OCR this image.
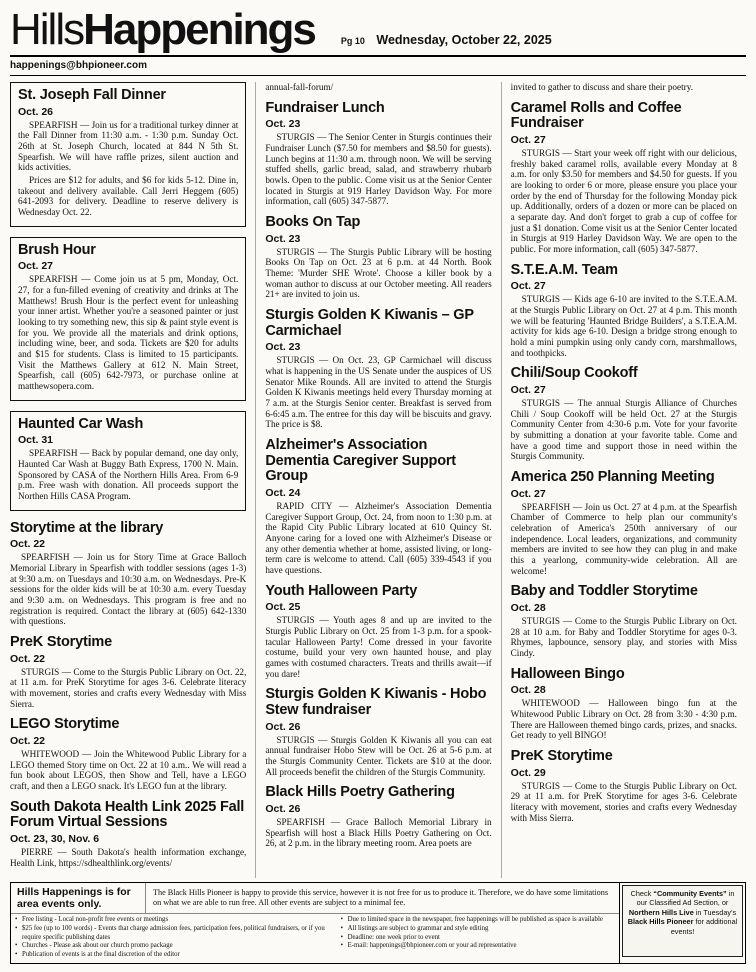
HillsHappenings	Pg 10 Wednesday, October 22, 2025
happenings@bhpioneer.com
St. Joseph Fall Dinner
Oct. 26

SPEARFISH — Join us for a traditional turkey dinner at the Fall Dinner from 11:30 a.m. - 1:30 p.m. Sunday Oct. 26th at St. Joseph Church, located at 844 N 5th St. Spearfish. We will have raffle prizes, silent auction and kids activities.

Prices are $12 for adults, and $6 for kids 5-12. Dine in, takeout and delivery available. Call Jerri Heggem (605) 641-2093 for delivery. Deadline to reserve delivery is Wednesday Oct. 22.

Brush Hour
Oct. 27

SPEARFISH — Come join us at 5 pm, Monday, Oct. 27, for a fun-filled evening of creativity and drinks at The Matthews! Brush Hour is the perfect event for unleashing your inner artist. Whether you're a seasoned painter or just looking to try something new, this sip & paint style event is for you. We provide all the materials and drink options, including wine, beer, and soda. Tickets are $20 for adults and $15 for students. Class is limited to 15 participants. Visit the Matthews Gallery at 612 N. Main Street, Spearfish, call (605) 642-7973, or purchase online at matthewsopera.com.

Haunted Car Wash
Oct. 31

SPEARFISH — Back by popular demand, one day only, Haunted Car Wash at Buggy Bath Express, 1700 N. Main. Sponsored by CASA of the Northern Hills Area. From 6-9 p.m. Free wash with donation. All proceeds support the Northen Hills CASA Program.

Storytime at the library
Oct. 22

SPEARFISH — Join us for Story Time at Grace Balloch Memorial Library in Spearfish with toddler sessions (ages 1-3) at 9:30 a.m. on Tuesdays and 10:30 a.m. on Wednesdays. Pre-K sessions for the older kids will be at 10:30 a.m. every Tuesday and 9:30 a.m. on Wednesdays. This program is free and no registration is required. Contact the library at (605) 642-1330 with questions.

PreK Storytime
Oct. 22

STURGIS — Come to the Sturgis Public Library on Oct. 22, at 11 a.m. for PreK Storytime for ages 3-6. Celebrate literacy with movement, stories and crafts every Wednesday with Miss Sierra.

LEGO Storytime
Oct. 22

WHITEWOOD — Join the Whitewood Public Library for a LEGO themed Story time on Oct. 22 at 10 a.m.. We will read a fun book about LEGOS, then Show and Tell, have a LEGO craft, and then a LEGO snack. It's LEGO fun at the library.

South Dakota Health Link 2025 Fall Forum Virtual Sessions
Oct. 23, 30, Nov. 6

PIERRE — South Dakota's health information exchange, Health Link, https://sdhealthlink.org/events/

annual-fall-forum/

Fundraiser Lunch
Oct. 23

STURGIS — The Senior Center in Sturgis continues their Fundraiser Lunch ($7.50 for members and $8.50 for guests). Lunch begins at 11:30 a.m. through noon. We will be serving stuffed shells, garlic bread, salad, and strawberry rhubarb bowls. Open to the public. Come visit us at the Senior Center located in Sturgis at 919 Harley Davidson Way. For more information, call (605) 347-5877.

Books On Tap
Oct. 23

STURGIS — The Sturgis Public Library will be hosting Books On Tap on Oct. 23 at 6 p.m. at 44 North. Book Theme: 'Murder SHE Wrote'. Choose a killer book by a woman author to discuss at our October meeting. All readers 21+ are invited to join us.

Sturgis Golden K Kiwanis – GP Carmichael
Oct. 23

STURGIS — On Oct. 23, GP Carmichael will discuss what is happening in the US Senate under the auspices of US Senator Mike Rounds. All are invited to attend the Sturgis Golden K Kiwanis meetings held every Thursday morning at 7 a.m. at the Sturgis Senior center. Breakfast is served from 6-6:45 a.m. The entree for this day will be biscuits and gravy. The price is $8.

Alzheimer's Association Dementia Caregiver Support Group
Oct. 24

RAPID CITY — Alzheimer's Association Dementia Caregiver Support Group, Oct. 24, from noon to 1:30 p.m. at the Rapid City Public Library located at 610 Quincy St. Anyone caring for a loved one with Alzheimer's Disease or any other dementia whether at home, assisted living, or long-term care is welcome to attend. Call (605) 339-4543 if you have questions.

Youth Halloween Party
Oct. 25

STURGIS — Youth ages 8 and up are invited to the Sturgis Public Library on Oct. 25 from 1-3 p.m. for a spook-tacular Halloween Party! Come dressed in your favorite costume, build your very own haunted house, and play games with costumed characters. Treats and thrills await—if you dare!

Sturgis Golden K Kiwanis - Hobo Stew fundraiser
Oct. 26

STURGIS — Sturgis Golden K Kiwanis all you can eat annual fundraiser Hobo Stew will be Oct. 26 at 5-6 p.m. at the Sturgis Community Center. Tickets are $10 at the door. All proceeds benefit the children of the Sturgis Community.

Black Hills Poetry Gathering
Oct. 26

SPEARFISH — Grace Balloch Memorial Library in Spearfish will host a Black Hills Poetry Gathering on Oct. 26, at 2 p.m. in the library meeting room. Area poets are

invited to gather to discuss and share their poetry.

Caramel Rolls and Coffee Fundraiser
Oct. 27

STURGIS — Start your week off right with our delicious, freshly baked caramel rolls, available every Monday at 8 a.m. for only $3.50 for members and $4.50 for guests. If you are looking to order 6 or more, please ensure you place your order by the end of Thursday for the following Monday pick up. Additionally, orders of a dozen or more can be placed on a separate day. And don't forget to grab a cup of coffee for just a $1 donation. Come visit us at the Senior Center located in Sturgis at 919 Harley Davidson Way. We are open to the public. For more information, call (605) 347-5877.

S.T.E.A.M. Team
Oct. 27

STURGIS — Kids age 6-10 are invited to the S.T.E.A.M. at the Sturgis Public Library on Oct. 27 at 4 p.m. This month we will be featuring 'Haunted Bridge Builders', a S.T.E.A.M. activity for kids age 6-10. Design a bridge strong enough to hold a mini pumpkin using only candy corn, marshmallows, and toothpicks.

Chili/Soup Cookoff
Oct. 27

STURGIS — The annual Sturgis Alliance of Churches Chili / Soup Cookoff will be held Oct. 27 at the Sturgis Community Center from 4:30-6 p.m. Vote for your favorite by submitting a donation at your favorite table. Come and have a good time and support those in need within the Sturgis Community.

America 250 Planning Meeting
Oct. 27

SPEARFISH — Join us Oct. 27 at 4 p.m. at the Spearfish Chamber of Commerce to help plan our community's celebration of America's 250th anniversary of our independence. Local leaders, organizations, and community members are invited to see how they can plug in and make this a yearlong, community-wide celebration. All are welcome!

Baby and Toddler Storytime
Oct. 28

STURGIS — Come to the Sturgis Public Library on Oct. 28 at 10 a.m. for Baby and Toddler Storytime for ages 0-3. Rhymes, lapbounce, sensory play, and stories with Miss Cindy.

Halloween Bingo
Oct. 28

WHITEWOOD — Halloween bingo fun at the Whitewood Public Library on Oct. 28 from 3:30 - 4:30 p.m. There are Halloween themed bingo cards, prizes, and snacks. Get ready to yell BINGO!

PreK Storytime
Oct. 29

STURGIS — Come to the Sturgis Public Library on Oct. 29 at 11 a.m. for PreK Storytime for ages 3-6. Celebrate literacy with movement, stories and crafts every Wednesday with Miss Sierra.

Hills Happenings is for area events only.
The Black Hills Pioneer is happy to provide this service, however it is not free for us to produce it. Therefore, we do have some limitations on what we are able to run free. All other events are subject to a minimal fee.
• Free listing - Local non-profit free events or meetings
• $25 fee (up to 100 words) - Events that charge admission fees, participation fees, political fundraisers, or if you require specific publishing dates
• Churches - Please ask about our church promo package
• Publication of events is at the final discretion of the editor
• Due to limited space in the newspaper, free happenings will be published as space is available
• All listings are subject to grammar and style editing
• Deadline: one week prior to event
• E-mail: happenings@bhpioneer.com or your ad representative
Check “Community Events” in our Classified Ad Section, or Northern Hills Live in Tuesday's Black Hills Pioneer for additional events!
